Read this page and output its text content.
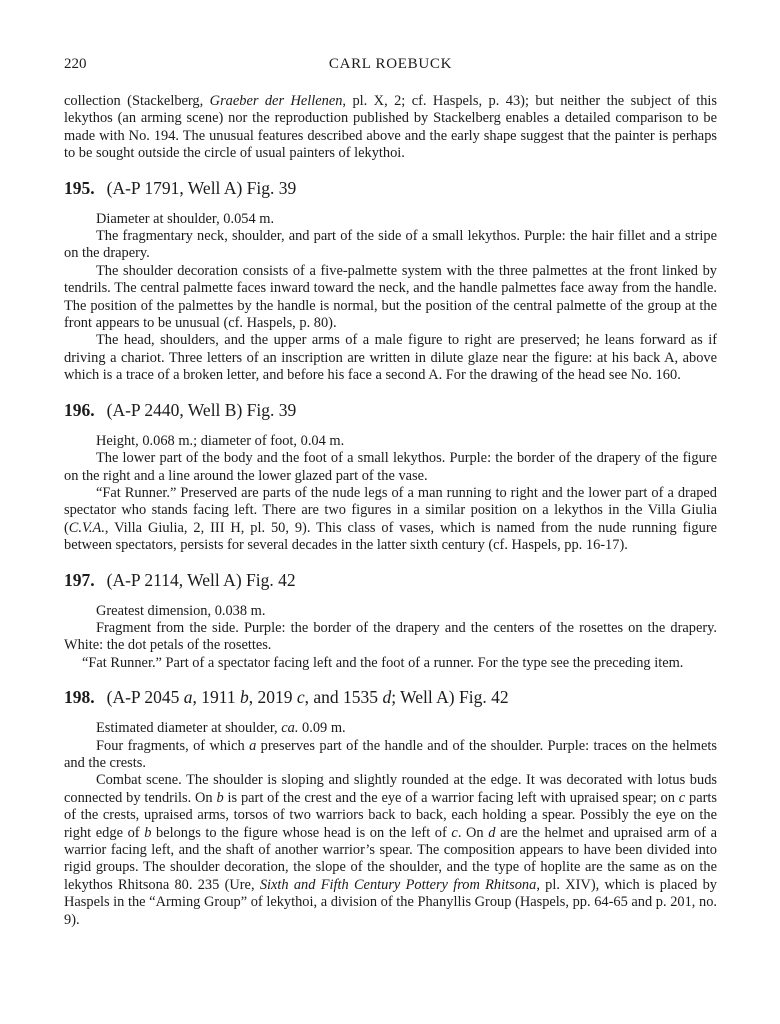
220	CARL ROEBUCK

collection (Stackelberg, Graeber der Hellenen, pl. X, 2; cf. Haspels, p. 43); but neither the subject of this lekythos (an arming scene) nor the reproduction published by Stackelberg enables a detailed comparison to be made with No. 194. The unusual features described above and the early shape suggest that the painter is perhaps to be sought outside the circle of usual painters of lekythoi.

195. (A-P 1791, Well A) Fig. 39

Diameter at shoulder, 0.054 m.

The fragmentary neck, shoulder, and part of the side of a small lekythos. Purple: the hair fillet and a stripe on the drapery.

The shoulder decoration consists of a five-palmette system with the three palmettes at the front linked by tendrils. The central palmette faces inward toward the neck, and the handle palmettes face away from the handle. The position of the palmettes by the handle is normal, but the position of the central palmette of the group at the front appears to be unusual (cf. Haspels, p. 80).

The head, shoulders, and the upper arms of a male figure to right are preserved; he leans forward as if driving a chariot. Three letters of an inscription are written in dilute glaze near the figure: at his back A, above which is a trace of a broken letter, and before his face a second A. For the drawing of the head see No. 160.

196. (A-P 2440, Well B) Fig. 39

Height, 0.068 m.; diameter of foot, 0.04 m.

The lower part of the body and the foot of a small lekythos. Purple: the border of the drapery of the figure on the right and a line around the lower glazed part of the vase.

“Fat Runner.” Preserved are parts of the nude legs of a man running to right and the lower part of a draped spectator who stands facing left. There are two figures in a similar position on a lekythos in the Villa Giulia (C.V.A., Villa Giulia, 2, III H, pl. 50, 9). This class of vases, which is named from the nude running figure between spectators, persists for several decades in the latter sixth century (cf. Haspels, pp. 16-17).

197. (A-P 2114, Well A) Fig. 42

Greatest dimension, 0.038 m.

Fragment from the side. Purple: the border of the drapery and the centers of the rosettes on the drapery. White: the dot petals of the rosettes.

“Fat Runner.” Part of a spectator facing left and the foot of a runner. For the type see the preceding item.

198. (A-P 2045 a, 1911 b, 2019 c, and 1535 d; Well A) Fig. 42

Estimated diameter at shoulder, ca. 0.09 m.

Four fragments, of which a preserves part of the handle and of the shoulder. Purple: traces on the helmets and the crests.

Combat scene. The shoulder is sloping and slightly rounded at the edge. It was decorated with lotus buds connected by tendrils. On b is part of the crest and the eye of a warrior facing left with upraised spear; on c parts of the crests, upraised arms, torsos of two warriors back to back, each holding a spear. Possibly the eye on the right edge of b belongs to the figure whose head is on the left of c. On d are the helmet and upraised arm of a warrior facing left, and the shaft of another warrior’s spear. The composition appears to have been divided into rigid groups. The shoulder decoration, the slope of the shoulder, and the type of hoplite are the same as on the lekythos Rhitsona 80. 235 (Ure, Sixth and Fifth Century Pottery from Rhitsona, pl. XIV), which is placed by Haspels in the “Arming Group” of lekythoi, a division of the Phanyllis Group (Haspels, pp. 64-65 and p. 201, no. 9).
